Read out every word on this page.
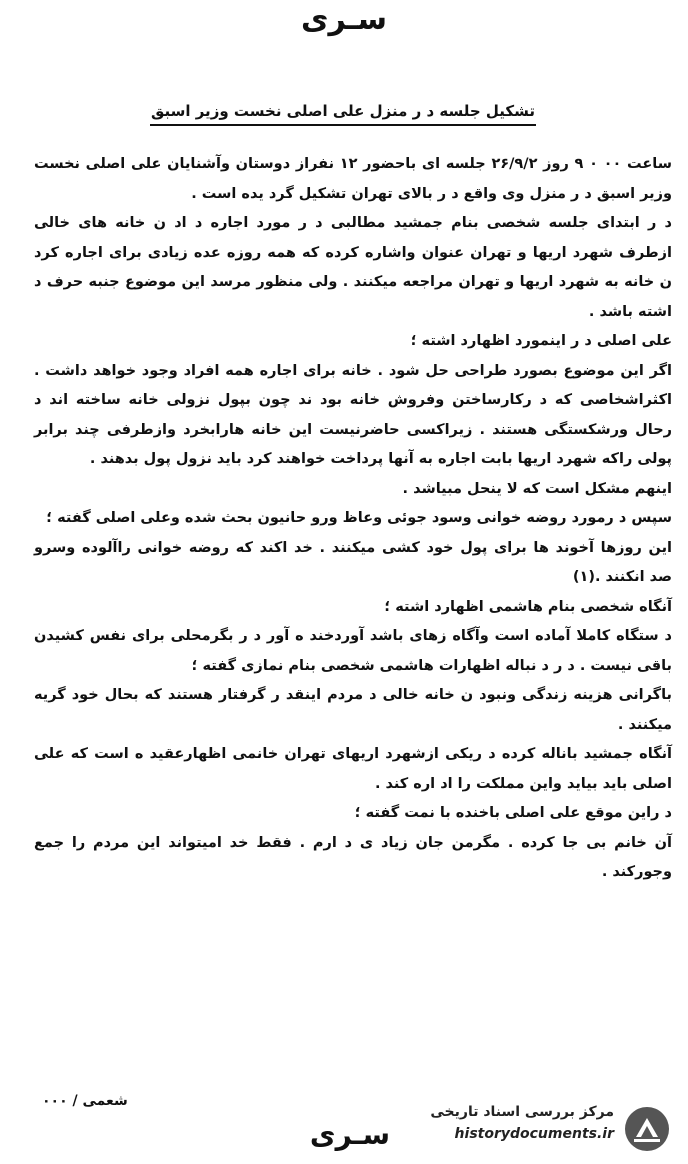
سـرى
تشکیل جلسه د ر منزل علی اصلی نخست وزیر اسبق

ساعت ۰۰ ۰ ۹ روز ۲۶/۹/۲ جلسه ای باحضور ۱۲ نفراز دوستان وآشنایان علی اصلی نخست وزیر اسبق د ر منزل وی واقع د ر بالای تهران تشکیل گرد یده است .

د ر ابتدای جلسه شخصی بنام جمشید مطالبی د ر مورد اجاره د اد ن خانه های خالی ازطرف شهرد اریها و تهران عنوان واشاره کرده که همه روزه عده زیادی برای اجاره کرد ن خانه به شهرد اریها و تهران مراجعه میکنند . ولی منظور مرسد این موضوع جنبه حرف د اشته باشد .

علی اصلی د ر اینمورد اظهارد اشته ؛

اگر این موضوع بصورد طراحی حل شود . خانه برای اجاره همه افراد وجود خواهد داشت . اکثراشخاصی که د رکارساختن وفروش خانه بود ند چون بپول نزولی خانه ساخته اند د رحال ورشکستگی هستند . زیراکسی حاضرنیست این خانه هارابخرد وازطرفی چند برابر پولی راکه شهرد اریها بابت اجاره به آنها پرداخت خواهند کرد باید نزول پول بدهند .

اینهم مشکل است که لا ینحل مبیاشد .

سپس د رمورد روضه خوانی وسود جوئی وعاظ ورو حانیون بحث شده وعلی اصلی گفته ؛

این روزها آخوند ها برای پول خود کشی میکنند . خد اکند که روضه خوانی راآلوده وسرو صد انکنند .(۱)

آنگاه شخصی بنام هاشمی اظهارد اشته ؛

د ستگاه کاملا آماده است وآگاه زهای باشد آوردخند ه آور د ر بگرمحلی برای نفس کشیدن باقی نیست . د ر د نباله اظهارات هاشمی شخصی بنام نمازی گفته ؛

باگرانی هزینه زندگی ونبود ن خانه خالی د مردم اینقد ر گرفتار هستند که بحال خود گریه میکنند .

آنگاه جمشید باناله کرده د ریکی ازشهرد اریهای تهران خانمی اظهارعقید ه است که علی اصلی باید بیاید واین مملکت را اد اره کند .

د راین موقع علی اصلی باخنده با نمت گفته ؛

آن خانم بی جا کرده . مگرمن جان زیاد ی د ارم . فقط خد امیتواند این مردم را جمع وجورکند .

۰۰۰ / شعمی
سـرى
مرکز بررسی اسناد تاریخی
historydocuments.ir
